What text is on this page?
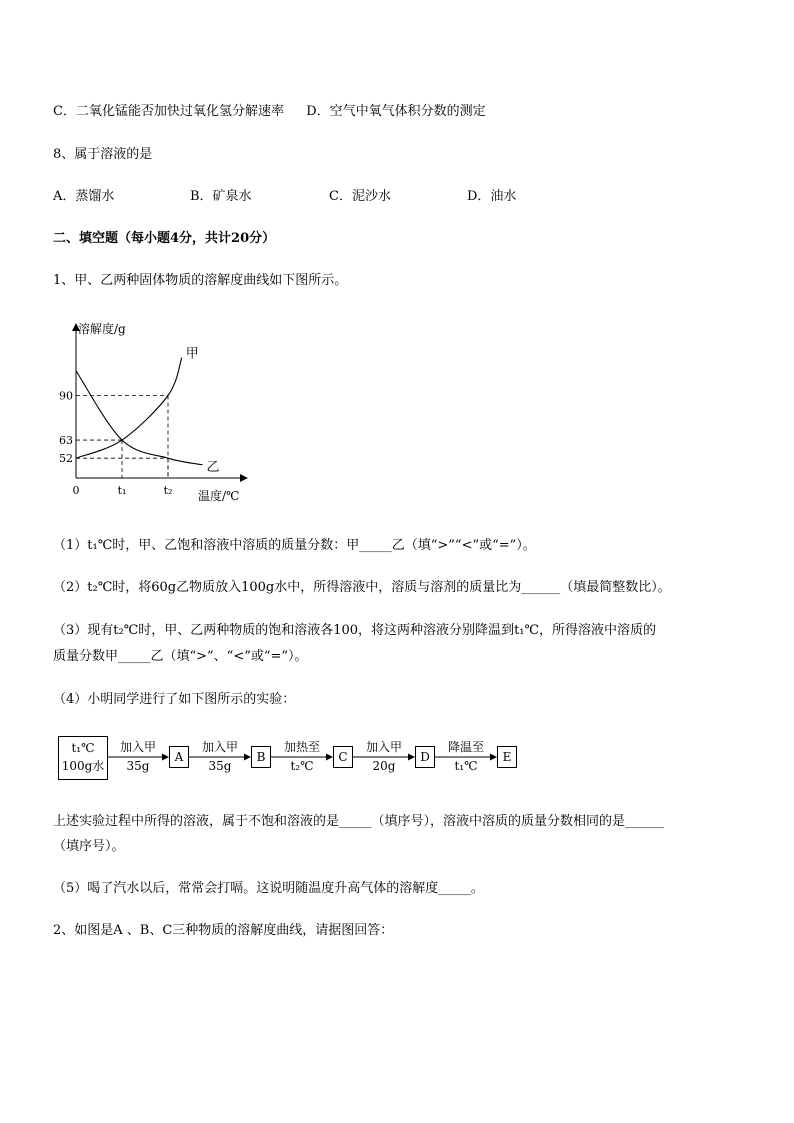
C．二氧化锰能否加快过氧化氢分解速率 D．空气中氧气体积分数的测定
8、属于溶液的是
A．蒸馏水	B．矿泉水	C．泥沙水	D．油水
二、填空题（每小题4分，共计20分）
1、甲、乙两种固体物质的溶解度曲线如下图所示。
甲
乙
溶解度/g
温度/℃
52
63
90
0	t₁	t₂
（1）t₁℃时，甲、乙饱和溶液中溶质的质量分数：甲_____乙（填“>”“<”或“=”）。
（2）t₂℃时，将60g乙物质放入100g水中，所得溶液中，溶质与溶剂的质量比为______（填最简整数比）。
（3）现有t₂℃时，甲、乙两种物质的饱和溶液各100，将这两种溶液分别降温到t₁℃，所得溶液中溶质的
质量分数甲_____乙（填“>”、“<”或“=”）。
（4）小明同学进行了如下图所示的实验：
t₁℃
100g水
加入甲
35g
A
加入甲
35g
B
加热至
t₂℃
C
加入甲
20g
D
降温至
t₁℃
E
上述实验过程中所得的溶液，属于不饱和溶液的是_____（填序号），溶液中溶质的质量分数相同的是______
（填序号）。
（5）喝了汽水以后，常常会打嗝。这说明随温度升高气体的溶解度_____。
2、如图是A 、B、C三种物质的溶解度曲线，请据图回答：
